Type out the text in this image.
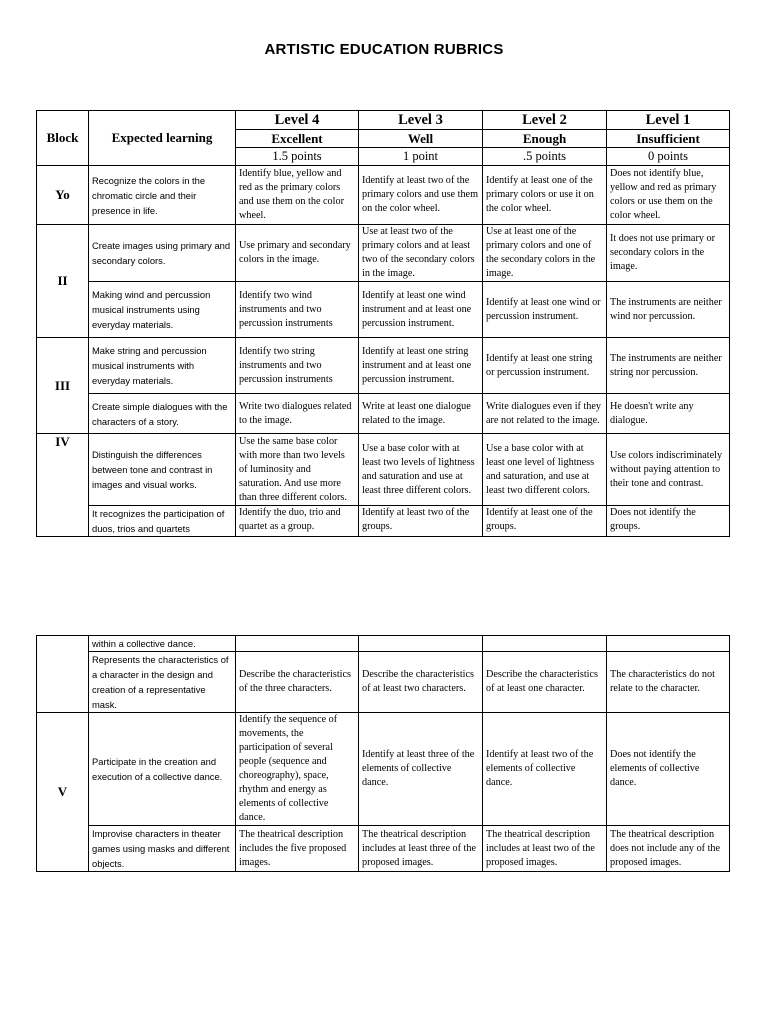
ARTISTIC EDUCATION RUBRICS
Block	Expected learning	Level 4	Level 3	Level 2	Level 1
		Excellent	Well	Enough	Insufficient
		1.5 points	1 point	.5 points	0 points
Yo	Recognize the colors in the chromatic circle and their presence in life.	Identify blue, yellow and red as the primary colors and use them on the color wheel.	Identify at least two of the primary colors and use them on the color wheel.	Identify at least one of the primary colors or use it on the color wheel.	Does not identify blue, yellow and red as primary colors or use them on the color wheel.
II	Create images using primary and secondary colors.	Use primary and secondary colors in the image.	Use at least two of the primary colors and at least two of the secondary colors in the image.	Use at least one of the primary colors and one of the secondary colors in the image.	It does not use primary or secondary colors in the image.
	Making wind and percussion musical instruments using everyday materials.	Identify two wind instruments and two percussion instruments	Identify at least one wind instrument and at least one percussion instrument.	Identify at least one wind or percussion instrument.	The instruments are neither wind nor percussion.
III	Make string and percussion musical instruments with everyday materials.	Identify two string instruments and two percussion instruments	Identify at least one string instrument and at least one percussion instrument.	Identify at least one string or percussion instrument.	The instruments are neither string nor percussion.
	Create simple dialogues with the characters of a story.	Write two dialogues related to the image.	Write at least one dialogue related to the image.	Write dialogues even if they are not related to the image.	He doesn't write any dialogue.
IV	Distinguish the differences between tone and contrast in images and visual works.	Use the same base color with more than two levels of luminosity and saturation. And use more than three different colors.	Use a base color with at least two levels of lightness and saturation and use at least three different colors.	Use a base color with at least one level of lightness and saturation, and use at least two different colors.	Use colors indiscriminately without paying attention to their tone and contrast.
	It recognizes the participation of duos, trios and quartets	Identify the duo, trio and quartet as a group.	Identify at least two of the groups.	Identify at least one of the groups.	Does not identify the groups.
	within a collective dance.				
	Represents the characteristics of a character in the design and creation of a representative mask.	Describe the characteristics of the three characters.	Describe the characteristics of at least two characters.	Describe the characteristics of at least one character.	The characteristics do not relate to the character.
V	Participate in the creation and execution of a collective dance.	Identify the sequence of movements, the participation of several people (sequence and choreography), space, rhythm and energy as elements of collective dance.	Identify at least three of the elements of collective dance.	Identify at least two of the elements of collective dance.	Does not identify the elements of collective dance.
	Improvise characters in theater games using masks and different objects.	The theatrical description includes the five proposed images.	The theatrical description includes at least three of the proposed images.	The theatrical description includes at least two of the proposed images.	The theatrical description does not include any of the proposed images.
